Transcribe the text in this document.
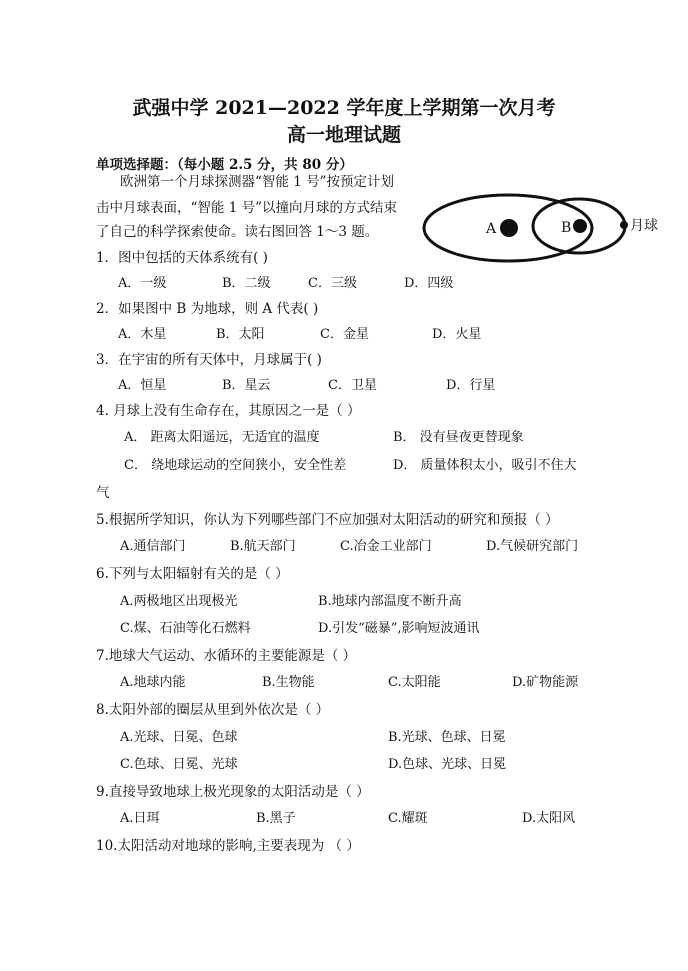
武强中学 2021—2022 学年度上学期第一次月考
高一地理试题
单项选择题：（每小题 2.5 分，共 80 分）
欧洲第一个月球探测器“智能 1 号”按预定计划
击中月球表面，“智能 1 号”以撞向月球的方式结束
了自己的科学探索使命。读右图回答 1～3 题。	A	B	月球
1．图中包括的天体系统有( )
A．一级	B．二级	C．三级	D．四级
2．如果图中 B 为地球，则 A 代表( )
A．木星	B．太阳	C．金星	D．火星
3．在宇宙的所有天体中，月球属于( )
A．恒星	B．星云	C．卫星	D．行星
4. 月球上没有生命存在，其原因之一是（ ）
A． 距离太阳遥远，无适宜的温度	B． 没有昼夜更替现象
C． 绕地球运动的空间狭小，安全性差	D． 质量体积太小，吸引不住大
气
5.根据所学知识，你认为下列哪些部门不应加强对太阳活动的研究和预报（ ）
A.通信部门	B.航天部门	C.冶金工业部门	D.气候研究部门
6.下列与太阳辐射有关的是（ ）
A.两极地区出现极光	B.地球内部温度不断升高
C.煤、石油等化石燃料	D.引发“磁暴”,影响短波通讯
7.地球大气运动、水循环的主要能源是（ ）
A.地球内能	B.生物能	C.太阳能	D.矿物能源
8.太阳外部的圈层从里到外依次是（ ）
A.光球、日冕、色球	B.光球、色球、日冕
C.色球、日冕、光球	D.色球、光球、日冕
9.直接导致地球上极光现象的太阳活动是（ ）
A.日珥	B.黑子	C.耀斑	D.太阳风
10.太阳活动对地球的影响,主要表现为 （ ）
